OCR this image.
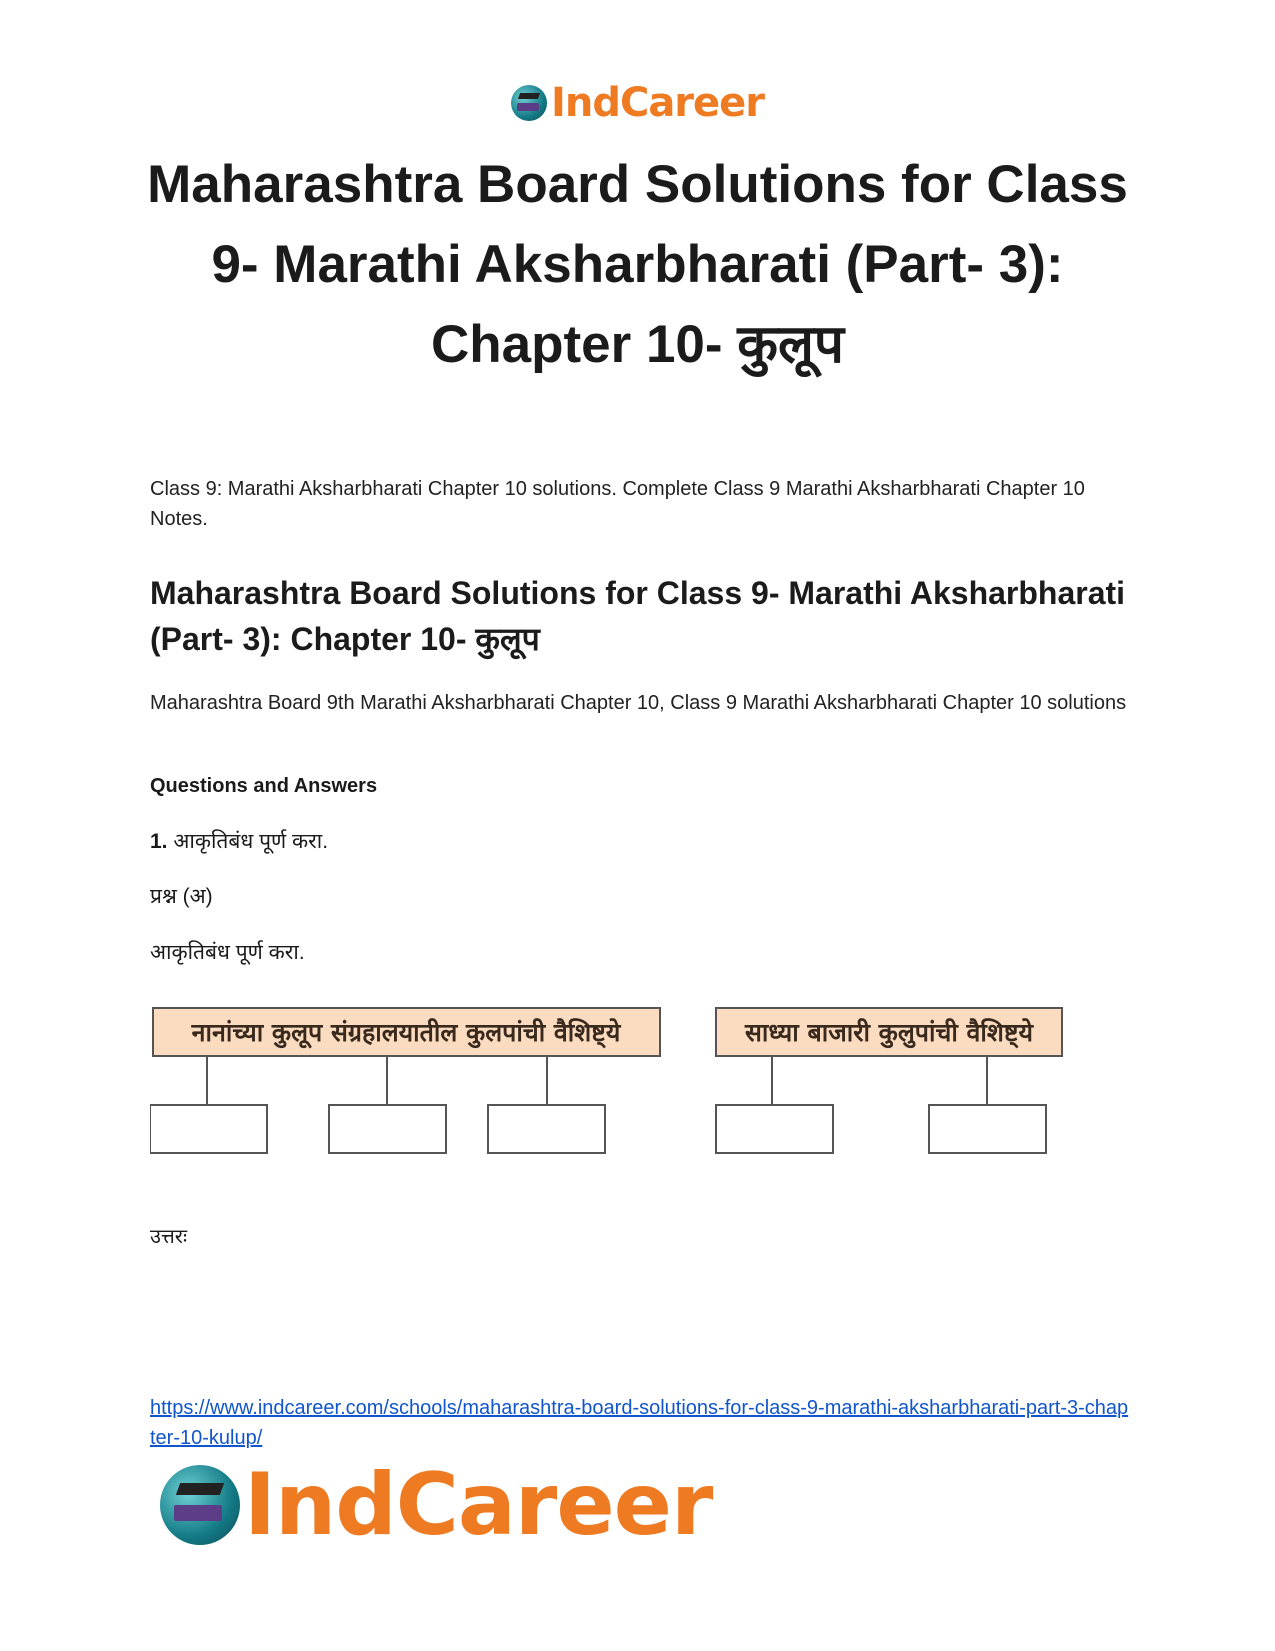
IndCareer
Maharashtra Board Solutions for Class 9- Marathi Aksharbharati (Part- 3): Chapter 10- कुलूप

Class 9: Marathi Aksharbharati Chapter 10 solutions. Complete Class 9 Marathi Aksharbharati Chapter 10 Notes.

Maharashtra Board Solutions for Class 9- Marathi Aksharbharati (Part- 3): Chapter 10- कुलूप

Maharashtra Board 9th Marathi Aksharbharati Chapter 10, Class 9 Marathi Aksharbharati Chapter 10 solutions

Questions and Answers

1. आकृतिबंध पूर्ण करा.

प्रश्न (अ)

आकृतिबंध पूर्ण करा.

नानांच्या कुलूप संग्रहालयातील कुलपांची वैशिष्ट्ये	साध्या बाजारी कुलुपांची वैशिष्ट्ये

उत्तरः

https://www.indcareer.com/schools/maharashtra-board-solutions-for-class-9-marathi-aksharbharati-part-3-chapter-10-kulup/
IndCareer
